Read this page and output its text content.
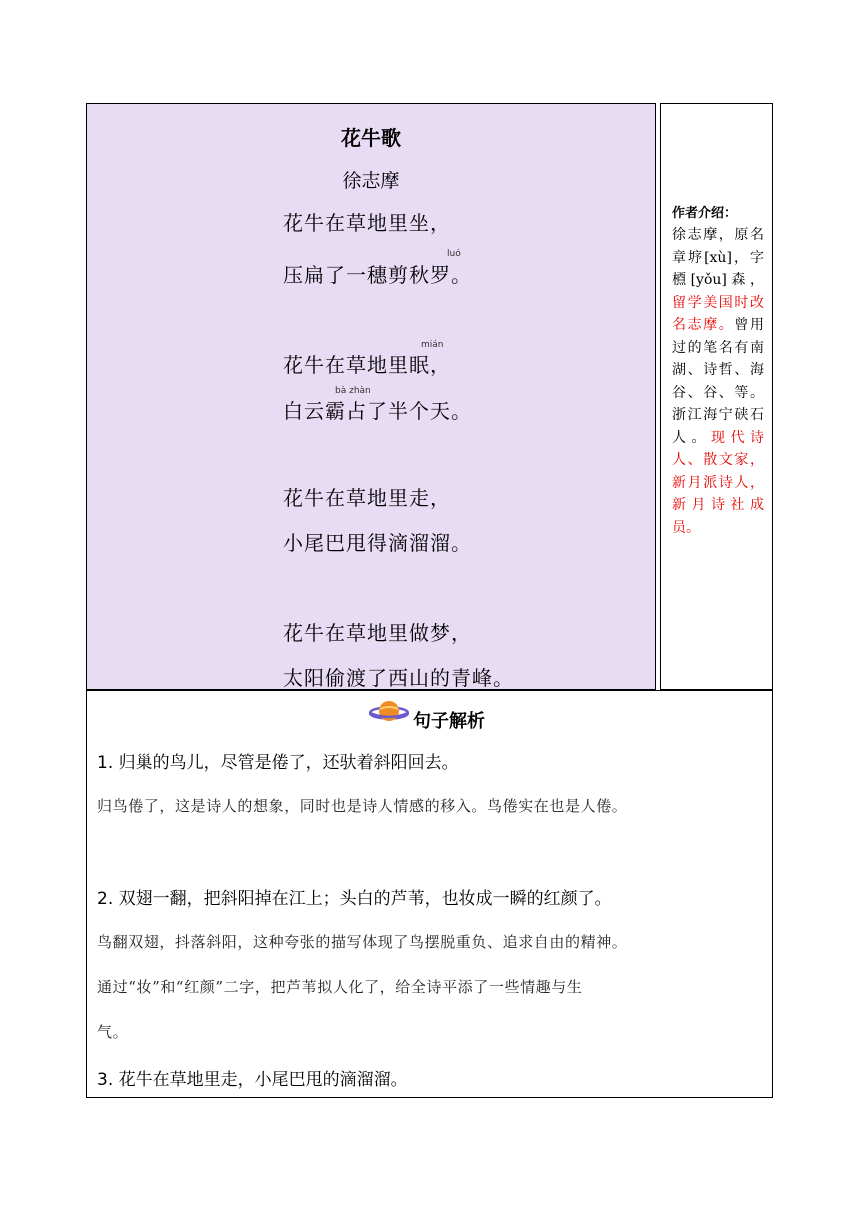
花牛歌
徐志摩
花牛在草地里坐，
压扁了一穗剪秋罗。
luó
花牛在草地里眠，
mián
白云霸占了半个天。
bà zhàn
花牛在草地里走，
小尾巴甩得滴溜溜。
花牛在草地里做梦，
太阳偷渡了西山的青峰。
作者介绍：
徐志摩，原名章垿[xù]，字槱[yǒu]森，留学美国时改名志摩。曾用过的笔名有南湖、诗哲、海谷、谷、等。浙江海宁硖石人。现代诗人、散文家，新月派诗人，新月诗社成员。
句子解析
1. 归巢的鸟儿，尽管是倦了，还驮着斜阳回去。
归鸟倦了，这是诗人的想象，同时也是诗人情感的移入。鸟倦实在也是人倦。
2. 双翅一翻，把斜阳掉在江上；头白的芦苇，也妆成一瞬的红颜了。
鸟翻双翅，抖落斜阳，这种夸张的描写体现了鸟摆脱重负、追求自由的精神。
通过“妆”和“红颜”二字，把芦苇拟人化了，给全诗平添了一些情趣与生
气。
3. 花牛在草地里走，小尾巴甩的滴溜溜。
